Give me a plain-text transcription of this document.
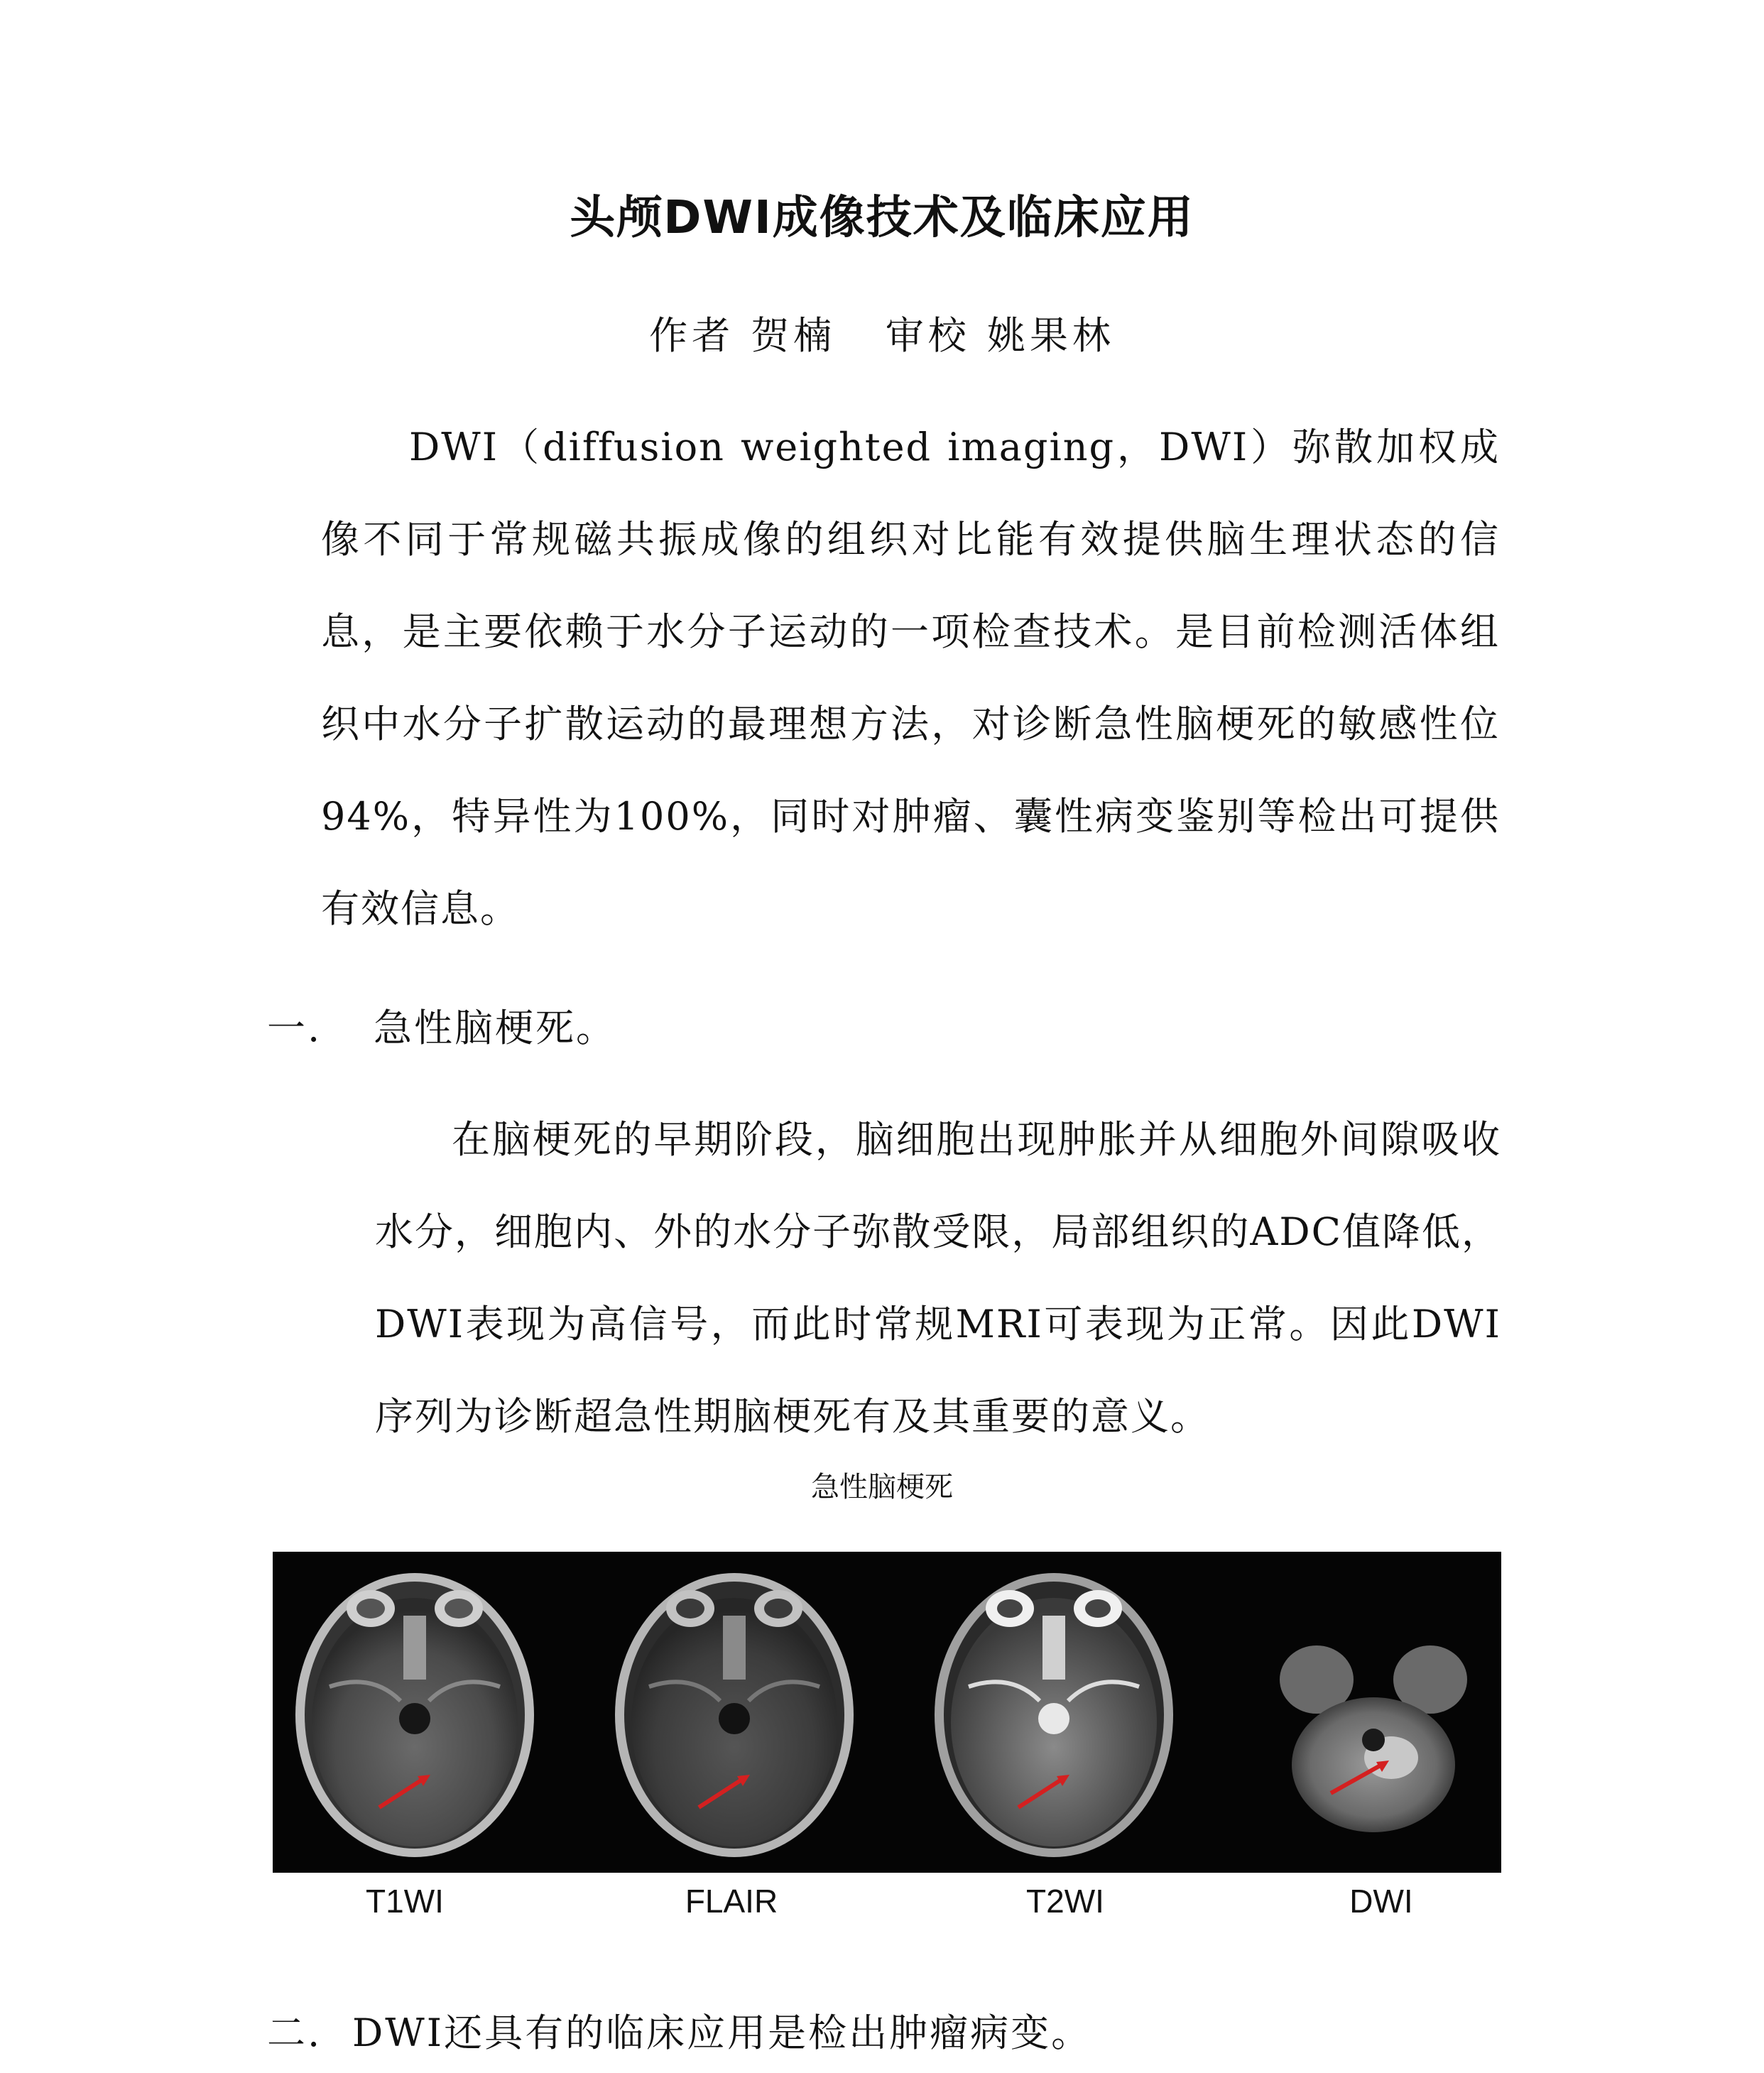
头颅DWI成像技术及临床应用
作者 贺楠   审校 姚果林

DWI（diffusion weighted imaging，DWI）弥散加权成像不同于常规磁共振成像的组织对比能有效提供脑生理状态的信息，是主要依赖于水分子运动的一项检查技术。是目前检测活体组织中水分子扩散运动的最理想方法，对诊断急性脑梗死的敏感性位94%，特异性为100%，同时对肿瘤、囊性病变鉴别等检出可提供有效信息。

一. 急性脑梗死。

在脑梗死的早期阶段，脑细胞出现肿胀并从细胞外间隙吸收水分，细胞内、外的水分子弥散受限，局部组织的ADC值降低，DWI表现为高信号，而此时常规MRI可表现为正常。因此DWI序列为诊断超急性期脑梗死有及其重要的意义。

急性脑梗死
T1WI	FLAIR	T2WI	DWI
二. DWI还具有的临床应用是检出肿瘤病变。
